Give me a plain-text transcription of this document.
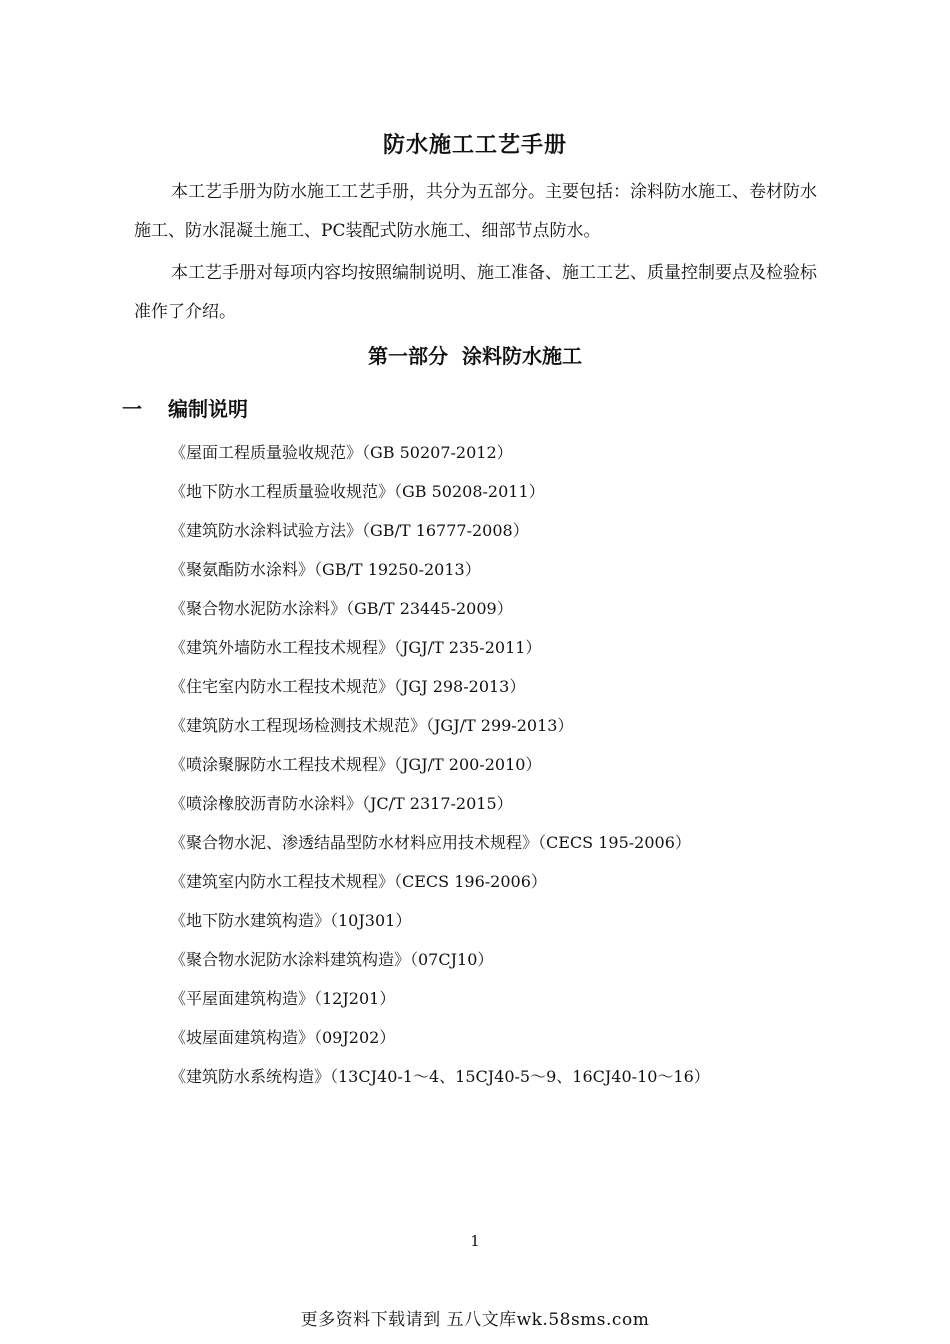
防水施工工艺手册

本工艺手册为防水施工工艺手册，共分为五部分。主要包括：涂料防水施工、卷材防水施工、防水混凝土施工、PC装配式防水施工、细部节点防水。

本工艺手册对每项内容均按照编制说明、施工准备、施工工艺、质量控制要点及检验标准作了介绍。

第一部分  涂料防水施工
一	编制说明
《屋面工程质量验收规范》（GB 50207-2012）
《地下防水工程质量验收规范》（GB 50208-2011）
《建筑防水涂料试验方法》（GB/T 16777-2008）
《聚氨酯防水涂料》（GB/T 19250-2013）
《聚合物水泥防水涂料》（GB/T 23445-2009）
《建筑外墙防水工程技术规程》（JGJ/T 235-2011）
《住宅室内防水工程技术规范》（JGJ 298-2013）
《建筑防水工程现场检测技术规范》（JGJ/T 299-2013）
《喷涂聚脲防水工程技术规程》（JGJ/T 200-2010）
《喷涂橡胶沥青防水涂料》（JC/T 2317-2015）
《聚合物水泥、渗透结晶型防水材料应用技术规程》（CECS 195-2006）
《建筑室内防水工程技术规程》（CECS 196-2006）
《地下防水建筑构造》（10J301）
《聚合物水泥防水涂料建筑构造》（07CJ10）
《平屋面建筑构造》（12J201）
《坡屋面建筑构造》（09J202）
《建筑防水系统构造》（13CJ40-1～4、15CJ40-5～9、16CJ40-10～16）
1
更多资料下载请到 五八文库wk.58sms.com
